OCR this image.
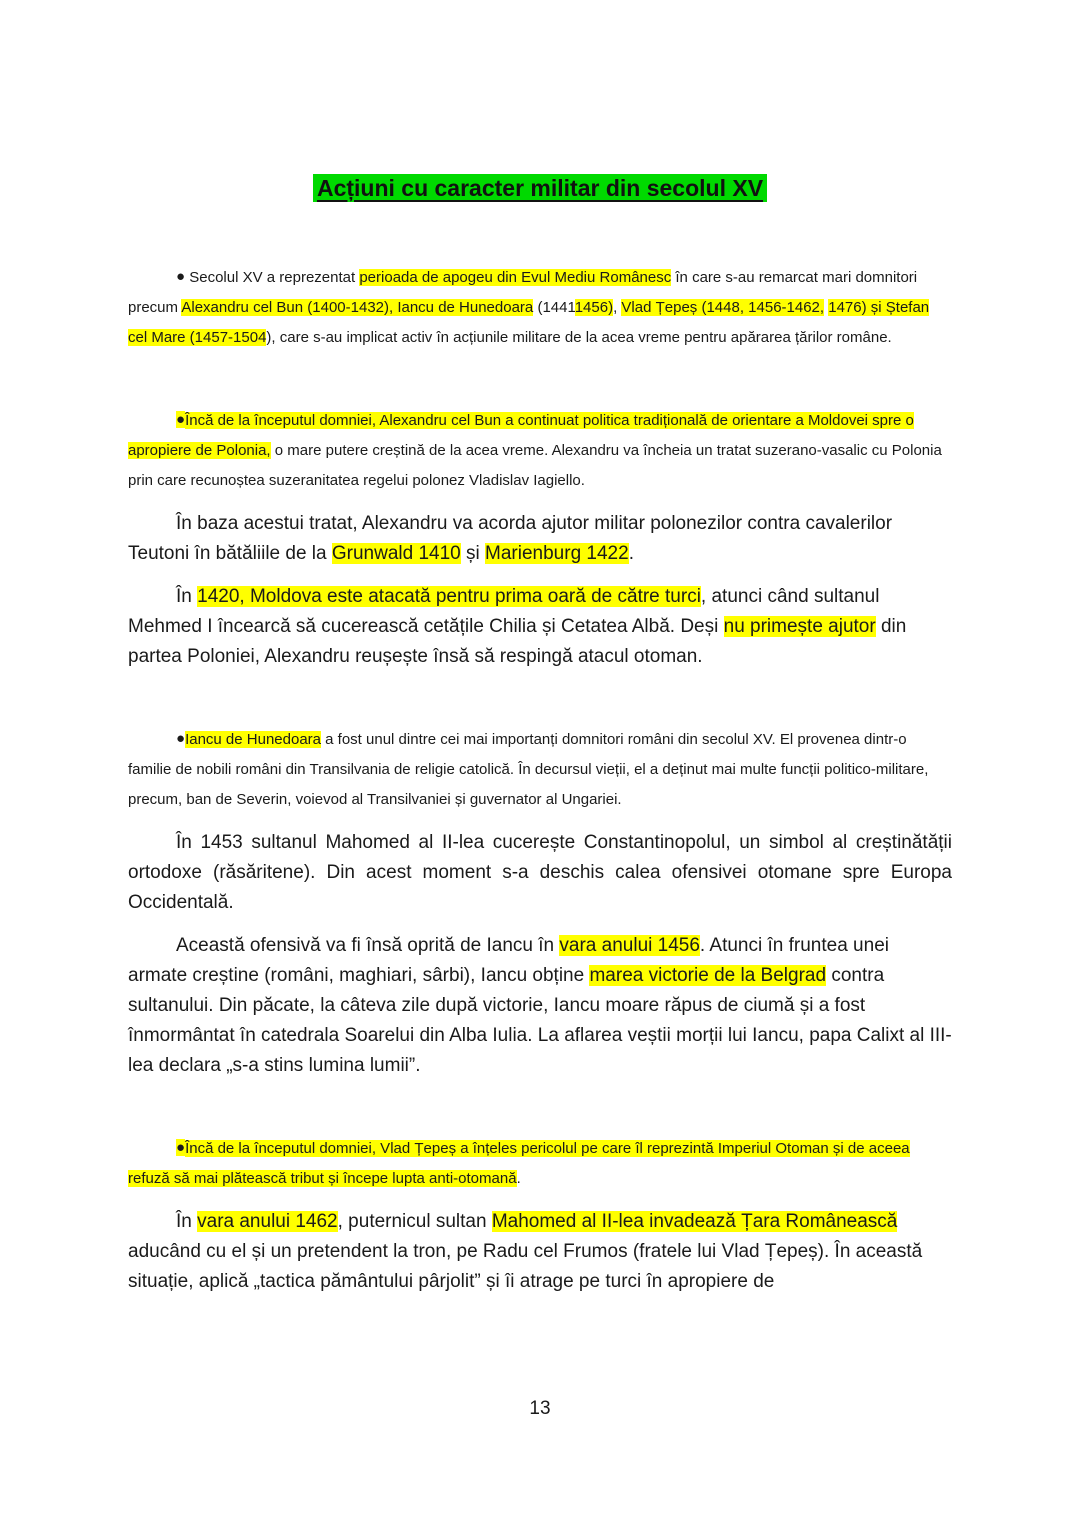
Acțiuni cu caracter militar din secolul XV

● Secolul XV a reprezentat perioada de apogeu din Evul Mediu Românesc în care s-au remarcat mari domnitori precum Alexandru cel Bun (1400-1432), Iancu de Hunedoara (14411456), Vlad Țepeș (1448, 1456-1462, 1476) și Ștefan cel Mare (1457-1504), care s-au implicat activ în acțiunile militare de la acea vreme pentru apărarea țărilor române.

●Încă de la începutul domniei, Alexandru cel Bun a continuat politica tradițională de orientare a Moldovei spre o apropiere de Polonia, o mare putere creștină de la acea vreme. Alexandru va încheia un tratat suzerano-vasalic cu Polonia prin care recunoștea suzeranitatea regelui polonez Vladislav Iagiello.

În baza acestui tratat, Alexandru va acorda ajutor militar polonezilor contra cavalerilor Teutoni în bătăliile de la Grunwald 1410 și Marienburg 1422.

În 1420, Moldova este atacată pentru prima oară de către turci, atunci când sultanul Mehmed I încearcă să cucerească cetățile Chilia și Cetatea Albă. Deși nu primește ajutor din partea Poloniei, Alexandru reușește însă să respingă atacul otoman.

●Iancu de Hunedoara a fost unul dintre cei mai importanți domnitori români din secolul XV. El provenea dintr-o familie de nobili români din Transilvania de religie catolică. În decursul vieții, el a deținut mai multe funcții politico-militare, precum, ban de Severin, voievod al Transilvaniei și guvernator al Ungariei.

În 1453 sultanul Mahomed al II-lea cucerește Constantinopolul, un simbol al creștinătății ortodoxe (răsăritene). Din acest moment s-a deschis calea ofensivei otomane spre Europa Occidentală.

Această ofensivă va fi însă oprită de Iancu în vara anului 1456. Atunci în fruntea unei armate creștine (români, maghiari, sârbi), Iancu obține marea victorie de la Belgrad contra sultanului. Din păcate, la câteva zile după victorie, Iancu moare răpus de ciumă și a fost înmormântat în catedrala Soarelui din Alba Iulia. La aflarea veștii morții lui Iancu, papa Calixt al III-lea declara „s-a stins lumina lumii”.

●Încă de la începutul domniei, Vlad Țepeș a înțeles pericolul pe care îl reprezintă Imperiul Otoman și de aceea refuză să mai plătească tribut și începe lupta anti-otomană.

În vara anului 1462, puternicul sultan Mahomed al II-lea invadează Țara Românească aducând cu el și un pretendent la tron, pe Radu cel Frumos (fratele lui Vlad Țepeș). În această situație, aplică „tactica pământului pârjolit” și îi atrage pe turci în apropiere de

13
